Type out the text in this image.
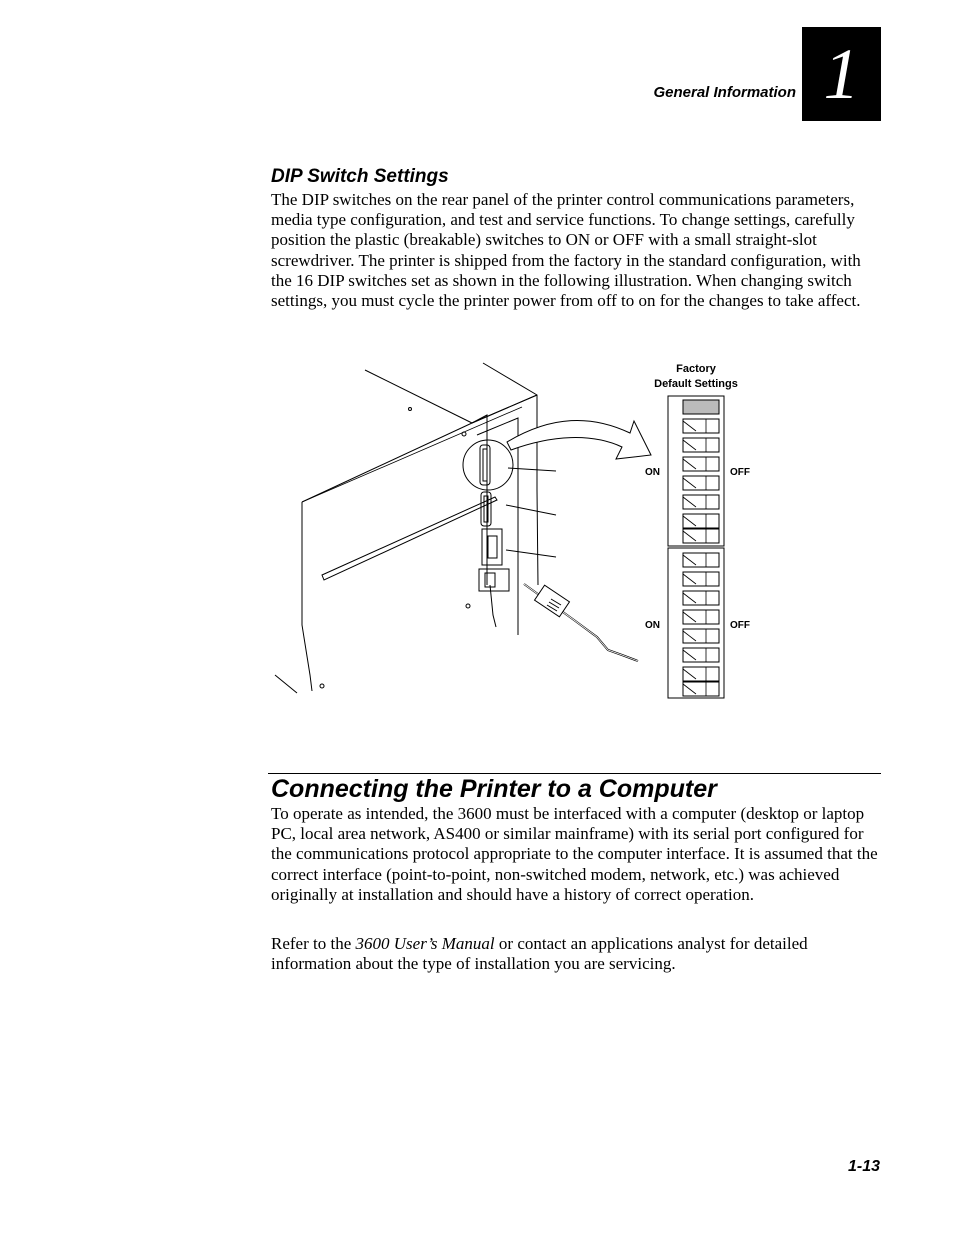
General Information 1
DIP Switch Settings

The DIP switches on the rear panel of the printer control communications parameters, media type configuration, and test and service functions. To change settings, carefully position the plastic (breakable) switches to ON or OFF with a small straight-slot screwdriver. The printer is shipped from the factory in the standard configuration, with the 16 DIP switches set as shown in the following illustration. When changing switch settings, you must cycle the printer power from off to on for the changes to take affect.

Factory
Default Settings
ON	OFF
ON	OFF
Connecting the Printer to a Computer

To operate as intended, the 3600 must be interfaced with a computer (desktop or laptop PC, local area network, AS400 or similar mainframe) with its serial port configured for the communications protocol appropriate to the computer interface. It is assumed that the correct interface (point-to-point, non-switched modem, network, etc.) was achieved originally at installation and should have a history of correct operation.

Refer to the 3600 User’s Manual or contact an applications analyst for detailed information about the type of installation you are servicing.

1-13
